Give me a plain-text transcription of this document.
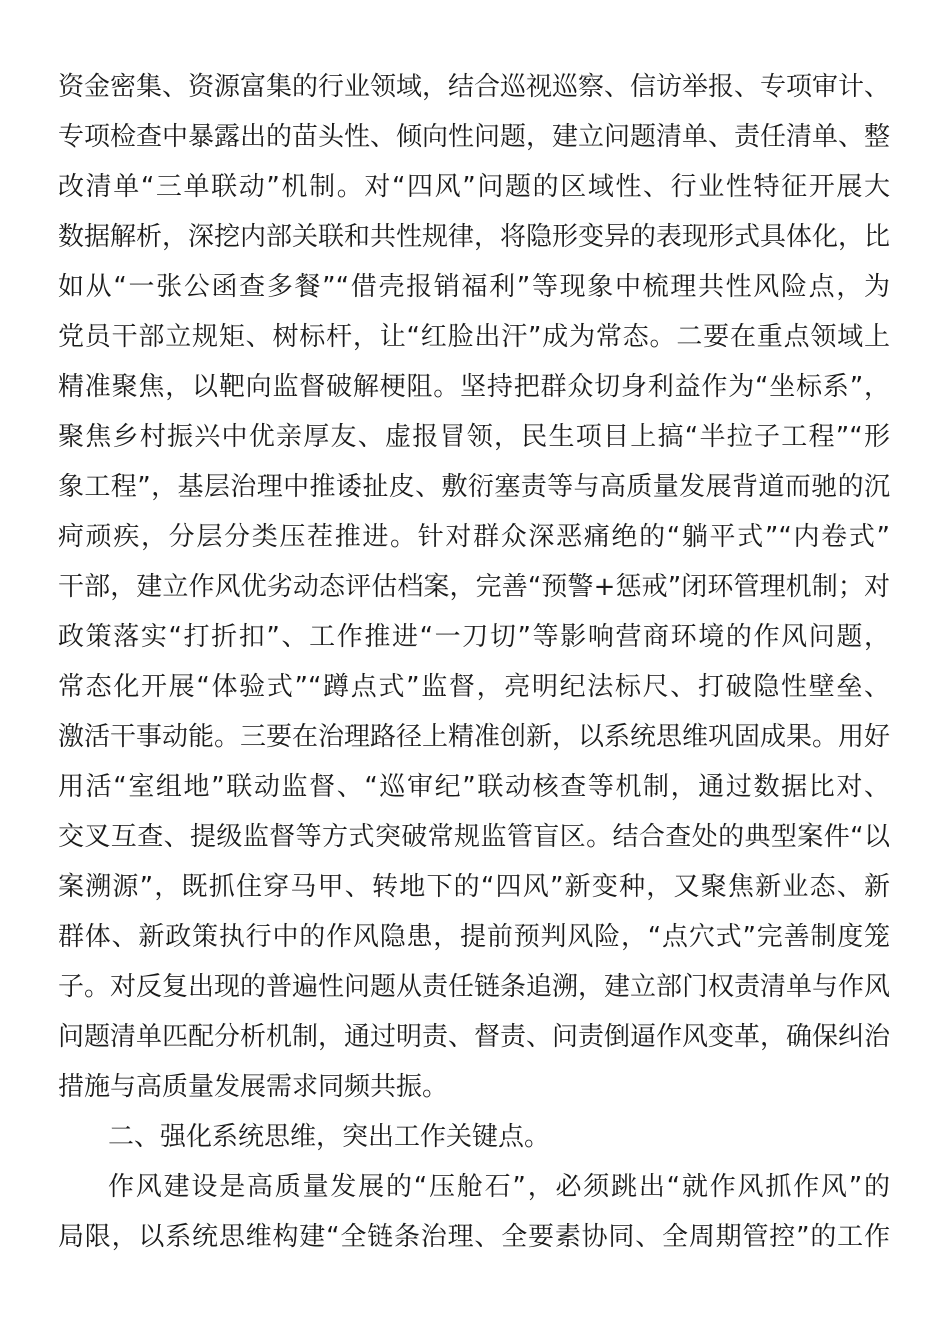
资金密集、资源富集的行业领域，结合巡视巡察、信访举报、专项审计、
专项检查中暴露出的苗头性、倾向性问题，建立问题清单、责任清单、整
改清单“三单联动”机制。对“四风”问题的区域性、行业性特征开展大
数据解析，深挖内部关联和共性规律，将隐形变异的表现形式具体化，比
如从“一张公函查多餐”“借壳报销福利”等现象中梳理共性风险点，为
党员干部立规矩、树标杆，让“红脸出汗”成为常态。二要在重点领域上
精准聚焦，以靶向监督破解梗阻。坚持把群众切身利益作为“坐标系”，
聚焦乡村振兴中优亲厚友、虚报冒领，民生项目上搞“半拉子工程”“形
象工程”，基层治理中推诿扯皮、敷衍塞责等与高质量发展背道而驰的沉
疴顽疾，分层分类压茬推进。针对群众深恶痛绝的“躺平式”“内卷式”
干部，建立作风优劣动态评估档案，完善“预警+惩戒”闭环管理机制；对
政策落实“打折扣”、工作推进“一刀切”等影响营商环境的作风问题，
常态化开展“体验式”“蹲点式”监督，亮明纪法标尺、打破隐性壁垒、
激活干事动能。三要在治理路径上精准创新，以系统思维巩固成果。用好
用活“室组地”联动监督、“巡审纪”联动核查等机制，通过数据比对、
交叉互查、提级监督等方式突破常规监管盲区。结合查处的典型案件“以
案溯源”，既抓住穿马甲、转地下的“四风”新变种，又聚焦新业态、新
群体、新政策执行中的作风隐患，提前预判风险，“点穴式”完善制度笼
子。对反复出现的普遍性问题从责任链条追溯，建立部门权责清单与作风
问题清单匹配分析机制，通过明责、督责、问责倒逼作风变革，确保纠治
措施与高质量发展需求同频共振。
二、强化系统思维，突出工作关键点。
作风建设是高质量发展的“压舱石”，必须跳出“就作风抓作风”的
局限，以系统思维构建“全链条治理、全要素协同、全周期管控”的工作
